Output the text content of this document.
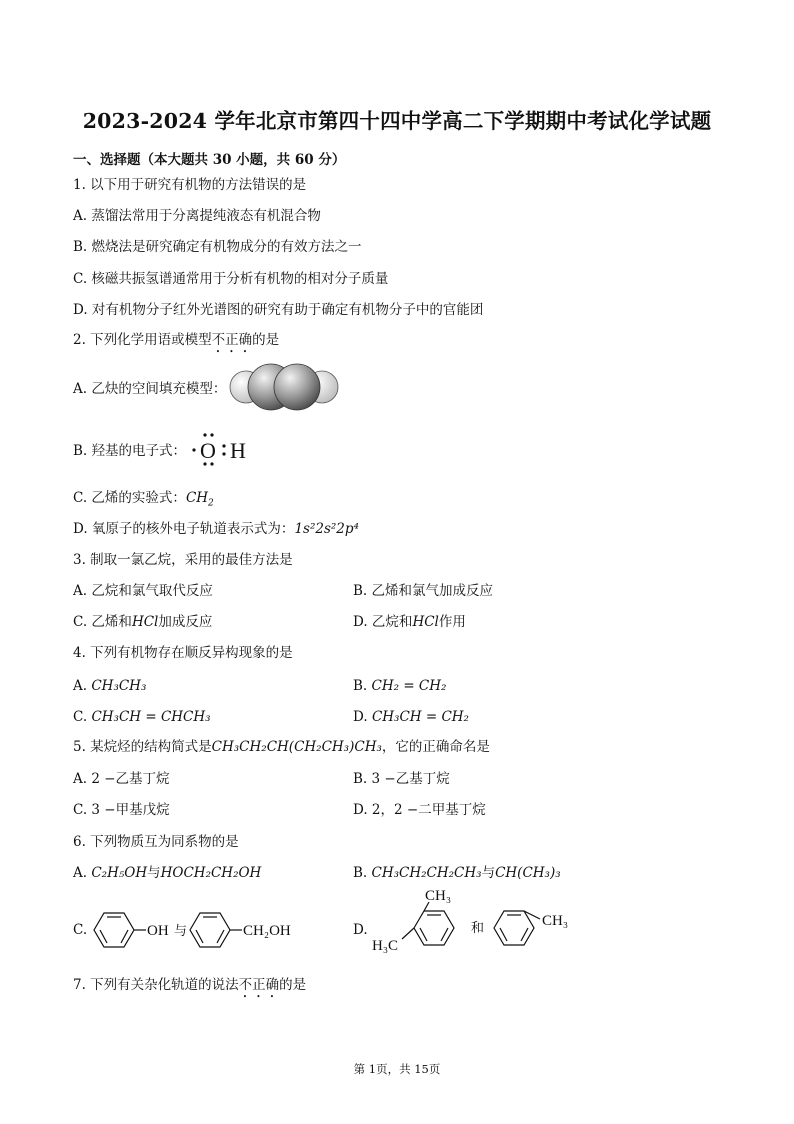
2023-2024 学年北京市第四十四中学高二下学期期中考试化学试题
一、选择题（本大题共 30 小题，共 60 分）
1. 以下用于研究有机物的方法错误的是
A. 蒸馏法常用于分离提纯液态有机混合物
B. 燃烧法是研究确定有机物成分的有效方法之一
C. 核磁共振氢谱通常用于分析有机物的相对分子质量
D. 对有机物分子红外光谱图的研究有助于确定有机物分子中的官能团
2. 下列化学用语或模型不正确的是
A. 乙炔的空间填充模型：
B. 羟基的电子式： O H
C. 乙烯的实验式：$CH_2$
D. 氧原子的核外电子轨道表示式为：1s²2s²2p⁴
3. 制取一氯乙烷，采用的最佳方法是
A. 乙烷和氯气取代反应	B. 乙烯和氯气加成反应
C. 乙烯和HCl加成反应	D. 乙烷和HCl作用
4. 下列有机物存在顺反异构现象的是
A. CH₃CH₃	B. CH₂ = CH₂
C. CH₃CH = CHCH₃	D. CH₃CH = CH₂
5. 某烷烃的结构简式是CH₃CH₂CH(CH₂CH₃)CH₃，它的正确命名是
A. 2 −乙基丁烷	B. 3 −乙基丁烷
C. 3 −甲基戊烷	D. 2，2 −二甲基丁烷
6. 下列物质互为同系物的是
A. C₂H₅OH与HOCH₂CH₂OH	B. CH₃CH₂CH₂CH₃与CH(CH₃)₃
C.	OH 与	CH₂OH	D.
CH₃
H₃C
和	CH₃
7. 下列有关杂化轨道的说法不正确的是
第 1页，共 15页
